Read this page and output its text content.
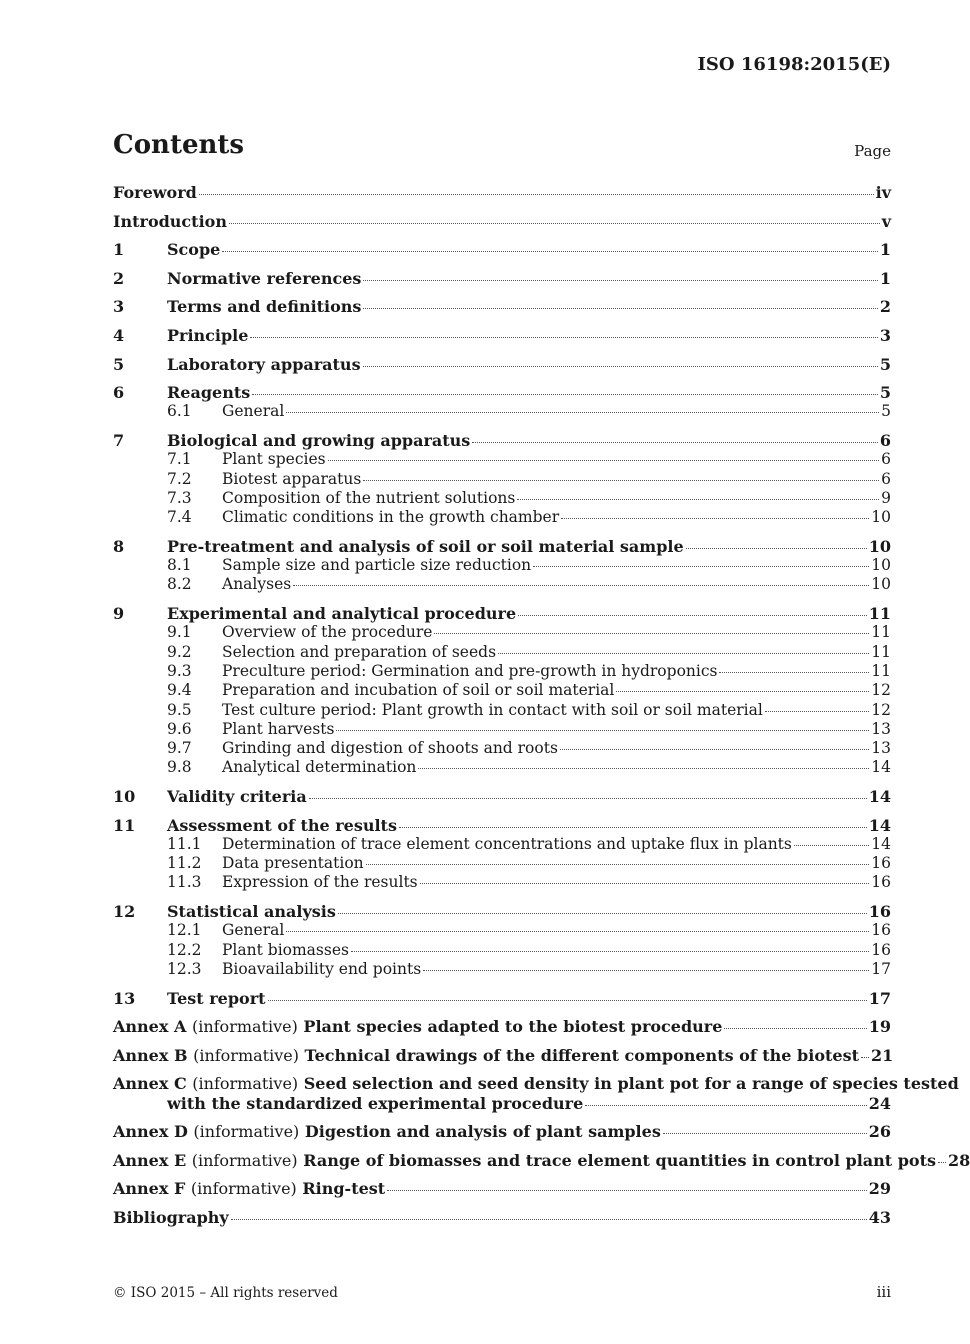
ISO 16198:2015(E)
Contents	Page
Foreword	iv
Introduction	v
1	Scope	1
2	Normative references	1
3	Terms and definitions	2
4	Principle	3
5	Laboratory apparatus	5
6	Reagents	5
6.1	General	5
7	Biological and growing apparatus	6
7.1	Plant species	6
7.2	Biotest apparatus	6
7.3	Composition of the nutrient solutions	9
7.4	Climatic conditions in the growth chamber	10
8	Pre-treatment and analysis of soil or soil material sample	10
8.1	Sample size and particle size reduction	10
8.2	Analyses	10
9	Experimental and analytical procedure	11
9.1	Overview of the procedure	11
9.2	Selection and preparation of seeds	11
9.3	Preculture period: Germination and pre-growth in hydroponics	11
9.4	Preparation and incubation of soil or soil material	12
9.5	Test culture period: Plant growth in contact with soil or soil material	12
9.6	Plant harvests	13
9.7	Grinding and digestion of shoots and roots	13
9.8	Analytical determination	14
10	Validity criteria	14
11	Assessment of the results	14
11.1	Determination of trace element concentrations and uptake flux in plants	14
11.2	Data presentation	16
11.3	Expression of the results	16
12	Statistical analysis	16
12.1	General	16
12.2	Plant biomasses	16
12.3	Bioavailability end points	17
13	Test report	17
Annex A (informative) Plant species adapted to the biotest procedure	19
Annex B (informative) Technical drawings of the different components of the biotest 21
Annex C (informative) Seed selection and seed density in plant pot for a range of species tested
with the standardized experimental procedure	24
Annex D (informative) Digestion and analysis of plant samples	26
Annex E (informative) Range of biomasses and trace element quantities in control plant pots 28
Annex F (informative) Ring-test	29
Bibliography	43
© ISO 2015 – All rights reserved	iii
